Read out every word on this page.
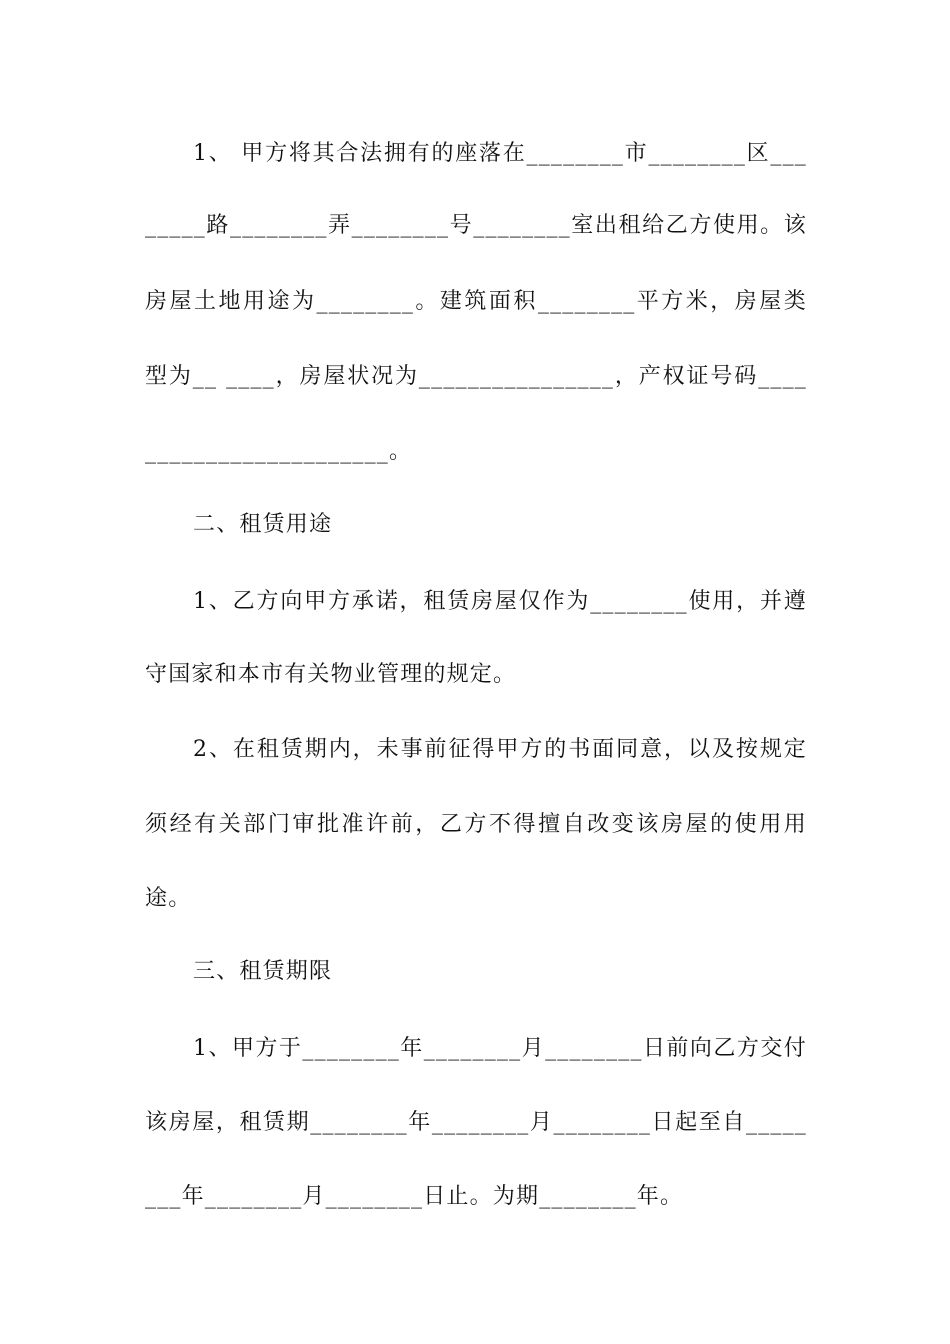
1、 甲方将其合法拥有的座落在________市________区___
_____路________弄________号________室出租给乙方使用。该
房屋土地用途为________。建筑面积________平方米，房屋类
型为__ ____，房屋状况为________________，产权证号码____
____________________。
二、租赁用途
1、乙方向甲方承诺，租赁房屋仅作为________使用，并遵
守国家和本市有关物业管理的规定。
2、在租赁期内，未事前征得甲方的书面同意，以及按规定
须经有关部门审批准许前，乙方不得擅自改变该房屋的使用用
途。
三、租赁期限
1、甲方于________年________月________日前向乙方交付
该房屋，租赁期________年________月________日起至自_____
___年________月________日止。为期________年。
